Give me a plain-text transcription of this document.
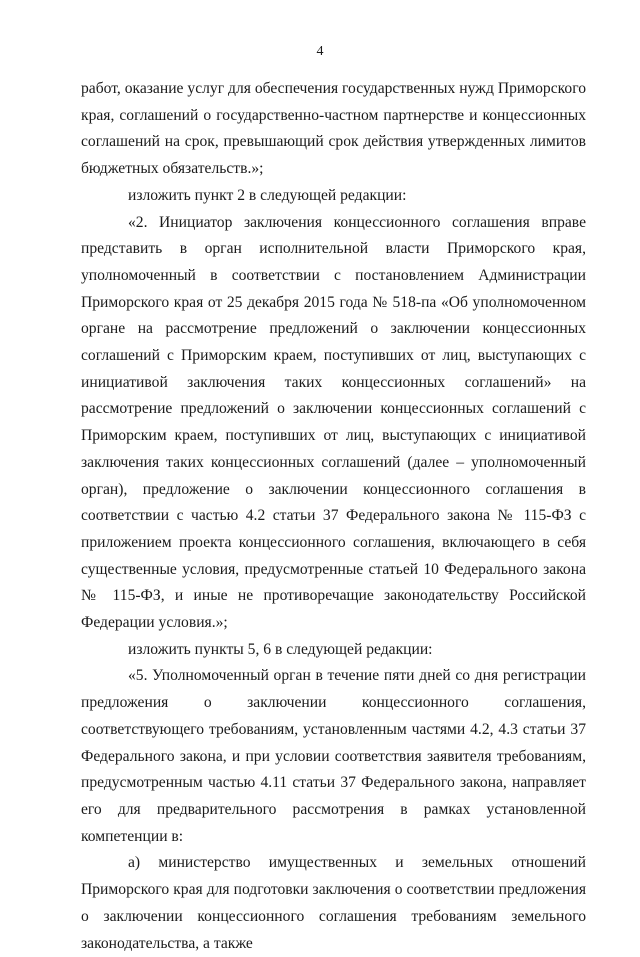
4

работ, оказание услуг для обеспечения государственных нужд Приморского края, соглашений о государственно-частном партнерстве и концессионных соглашений на срок, превышающий срок действия утвержденных лимитов бюджетных обязательств.»;

изложить пункт 2 в следующей редакции:

«2. Инициатор заключения концессионного соглашения вправе представить в орган исполнительной власти Приморского края, уполномоченный в соответствии с постановлением Администрации Приморского края от 25 декабря 2015 года № 518-па «Об уполномоченном органе на рассмотрение предложений о заключении концессионных соглашений с Приморским краем, поступивших от лиц, выступающих с инициативой заключения таких концессионных соглашений» на рассмотрение предложений о заключении концессионных соглашений с Приморским краем, поступивших от лиц, выступающих с инициативой заключения таких концессионных соглашений (далее – уполномоченный орган), предложение о заключении концессионного соглашения в соответствии с частью 4.2 статьи 37 Федерального закона № 115-ФЗ с приложением проекта концессионного соглашения, включающего в себя существенные условия, предусмотренные статьей 10 Федерального закона № 115-ФЗ, и иные не противоречащие законодательству Российской Федерации условия.»;

изложить пункты 5, 6 в следующей редакции:

«5. Уполномоченный орган в течение пяти дней со дня регистрации предложения о заключении концессионного соглашения, соответствующего требованиям, установленным частями 4.2, 4.3 статьи 37 Федерального закона, и при условии соответствия заявителя требованиям, предусмотренным частью 4.11 статьи 37 Федерального закона, направляет его для предварительного рассмотрения в рамках установленной компетенции в:

а) министерство имущественных и земельных отношений Приморского края для подготовки заключения о соответствии предложения о заключении концессионного соглашения требованиям земельного законодательства, а также
